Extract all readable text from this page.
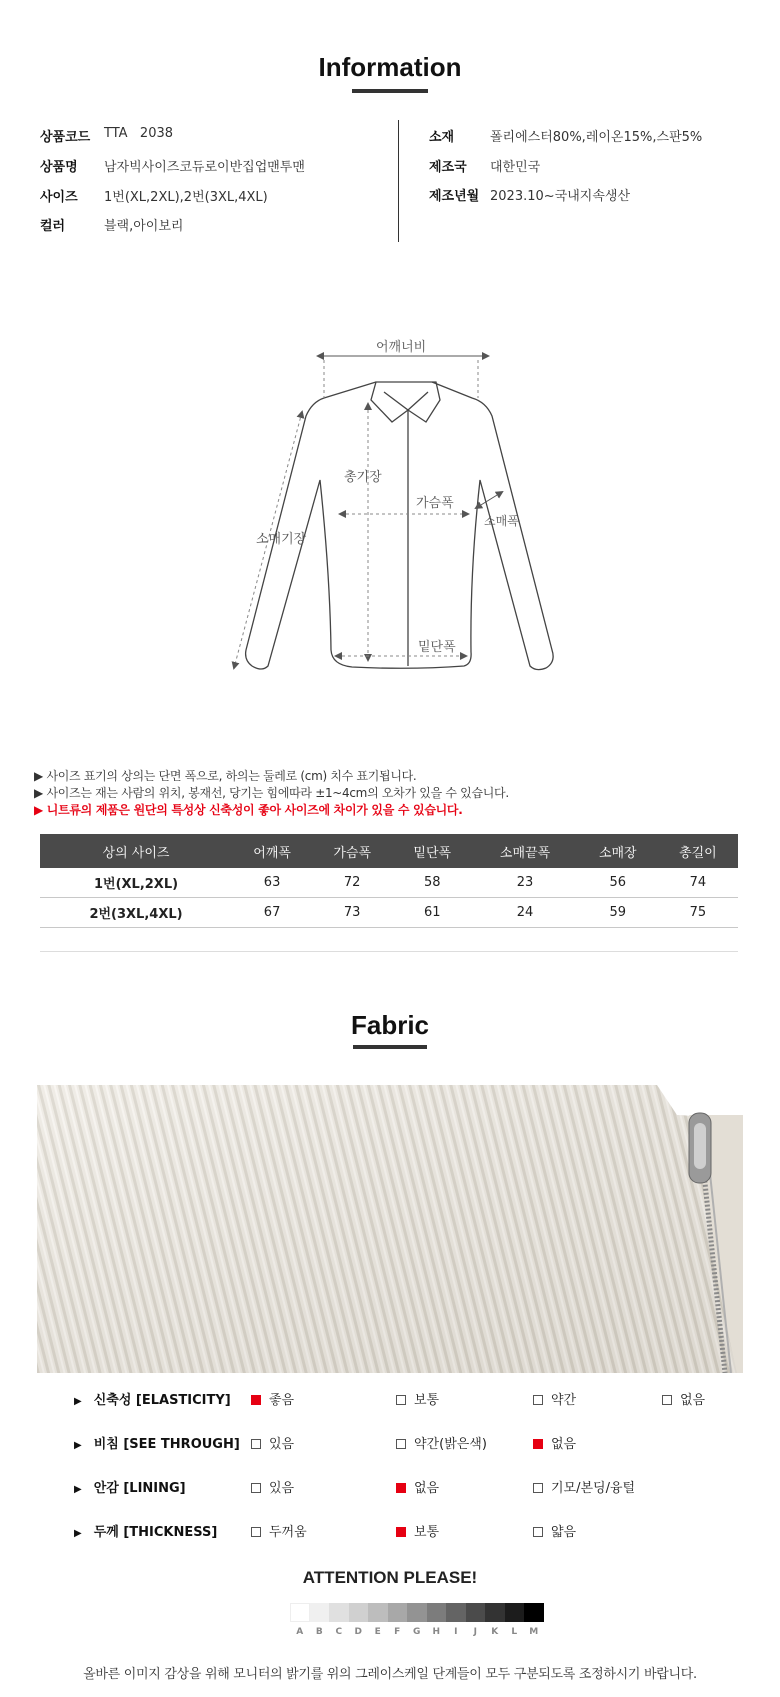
Information
상품코드 TTA   2038
상품명 남자빅사이즈코듀로이반집업맨투맨
사이즈 1번(XL,2XL),2번(3XL,4XL)
컬러	블랙,아이보리
소재	폴리에스터80%,레이온15%,스판5%
제조국 대한민국
제조년월 2023.10~국내지속생산
어깨너비
총기장
가슴폭
소매기장
소매폭
밑단폭
▶ 사이즈 표기의 상의는 단면 폭으로, 하의는 둘레로 (cm) 치수 표기됩니다.
▶ 사이즈는 재는 사람의 위치, 봉재선, 당기는 힘에따라 ±1~4cm의 오차가 있을 수 있습니다.
▶ 니트류의 제품은 원단의 특성상 신축성이 좋아 사이즈에 차이가 있을 수 있습니다.
상의 사이즈	어깨폭	가슴폭	밑단폭	소매끝폭	소매장	총길이
1번(XL,2XL)	63	72	58	23	56	74
2번(3XL,4XL)	67	73	61	24	59	75
Fabric
▶ 신축성 [ELASTICITY]	좋음	보통	약간	없음
▶ 비침 [SEE THROUGH]	있음	약간(밝은색)	없음
▶ 안감 [LINING]	있음	없음	기모/본딩/융털
▶ 두께 [THICKNESS]	두꺼움	보통	얇음
ATTENTION PLEASE!
A	B	C	D	E	F	G	H	I	J	K	L	M
올바른 이미지 감상을 위해 모니터의 밝기를 위의 그레이스케일 단계들이 모두 구분되도록 조정하시기 바랍니다.
